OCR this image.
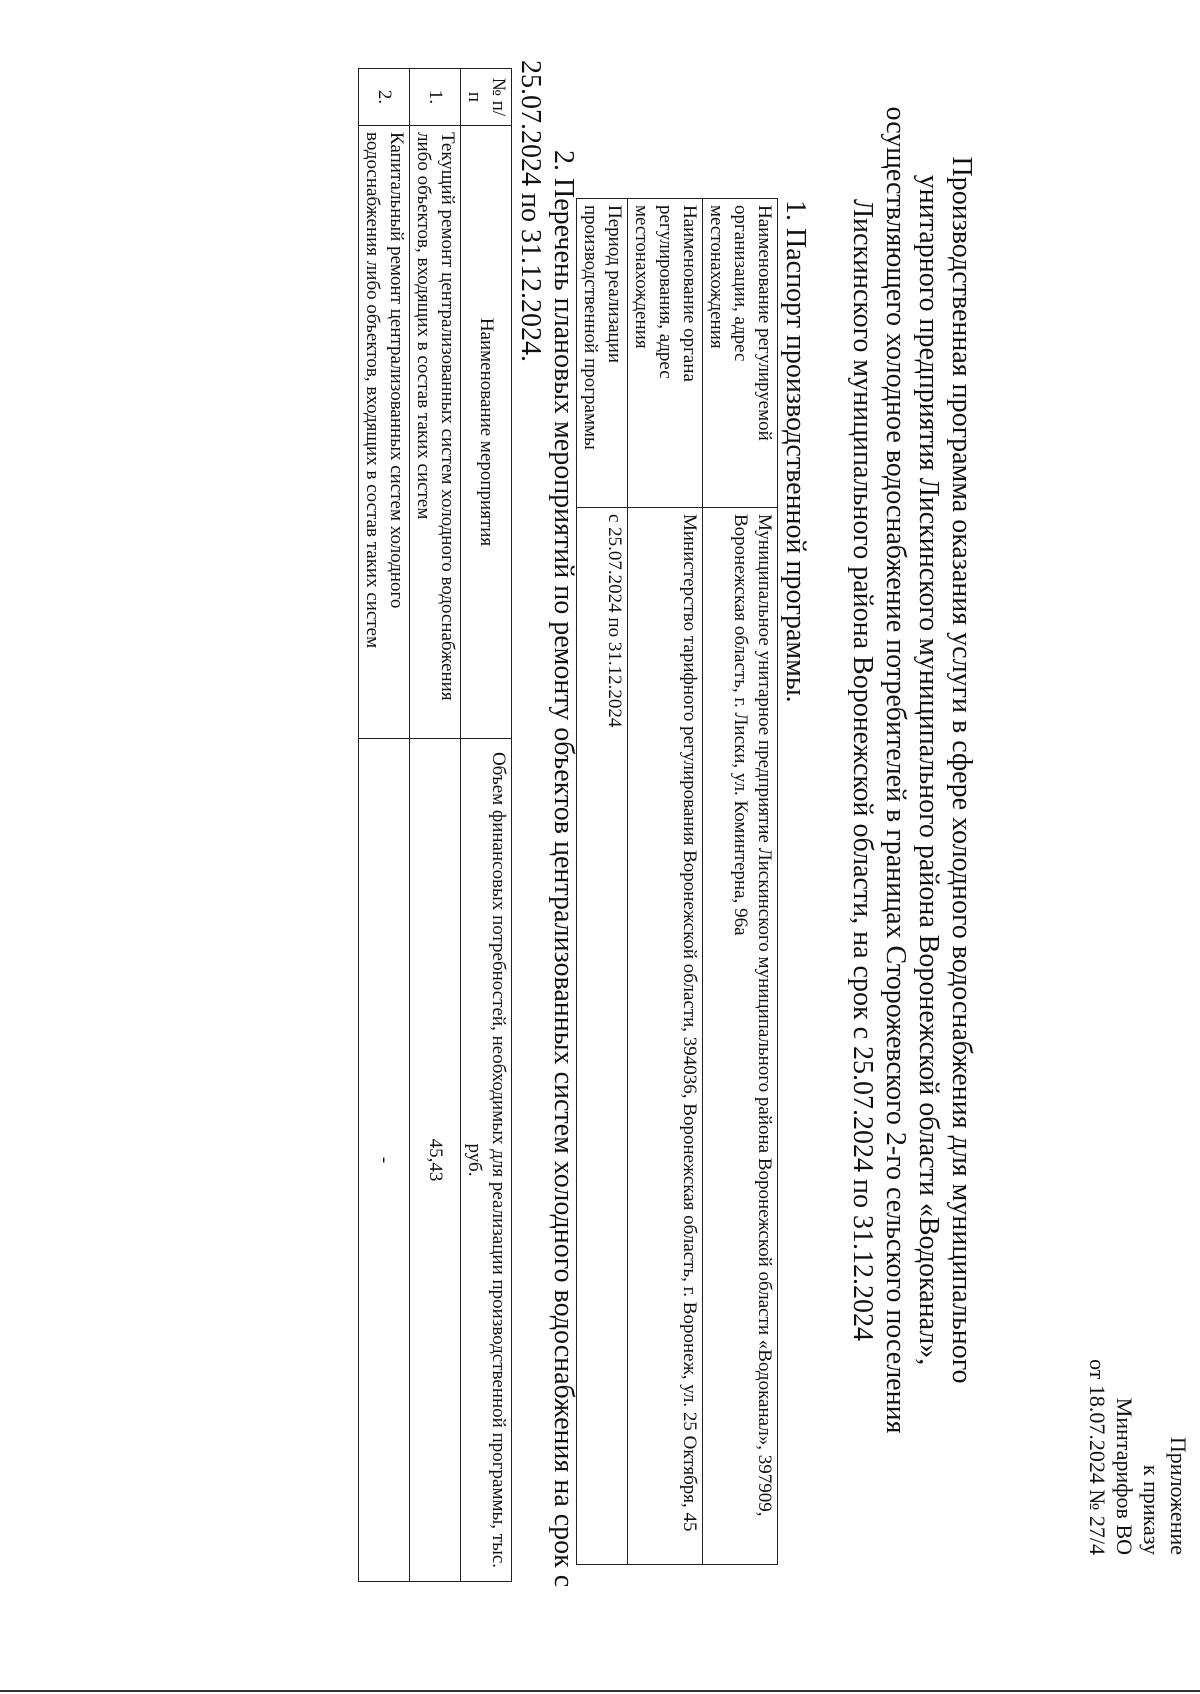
Приложение
к приказу Минтарифов ВО
от 18.07.2024 № 27/4
Производственная программа оказания услуги в сфере холодного водоснабжения для муниципального унитарного предприятия Лискинского муниципального района Воронежской области «Водоканал», осуществляющего холодное водоснабжение потребителей в границах Сторожевского 2-го сельского поселения Лискинского муниципального района Воронежской области, на срок с 25.07.2024 по 31.12.2024
1. Паспорт производственной программы.
Наименование регулируемой организации, адрес местонахождения	Муниципальное унитарное предприятие Лискинского муниципального района Воронежской области «Водоканал», 397909, Воронежская область, г. Лиски, ул. Коминтерна, 96а
Наименование органа регулирования, адрес местонахождения	Министерство тарифного регулирования Воронежской области, 394036, Воронежская область, г. Воронеж, ул. 25 Октября, 45
Период реализации производственной программы	с 25.07.2024 по 31.12.2024
2. Перечень плановых мероприятий по ремонту объектов централизованных систем холодного водоснабжения на срок с 25.07.2024 по 31.12.2024.
№ п/п	Наименование мероприятия	Объем финансовых потребностей, необходимых для реализации производственной программы, тыс. руб.
1.	Текущий ремонт централизованных систем холодного водоснабжения либо объектов, входящих в состав таких систем	45,43
2.	Капитальный ремонт централизованных систем холодного водоснабжения либо объектов, входящих в состав таких систем	-
